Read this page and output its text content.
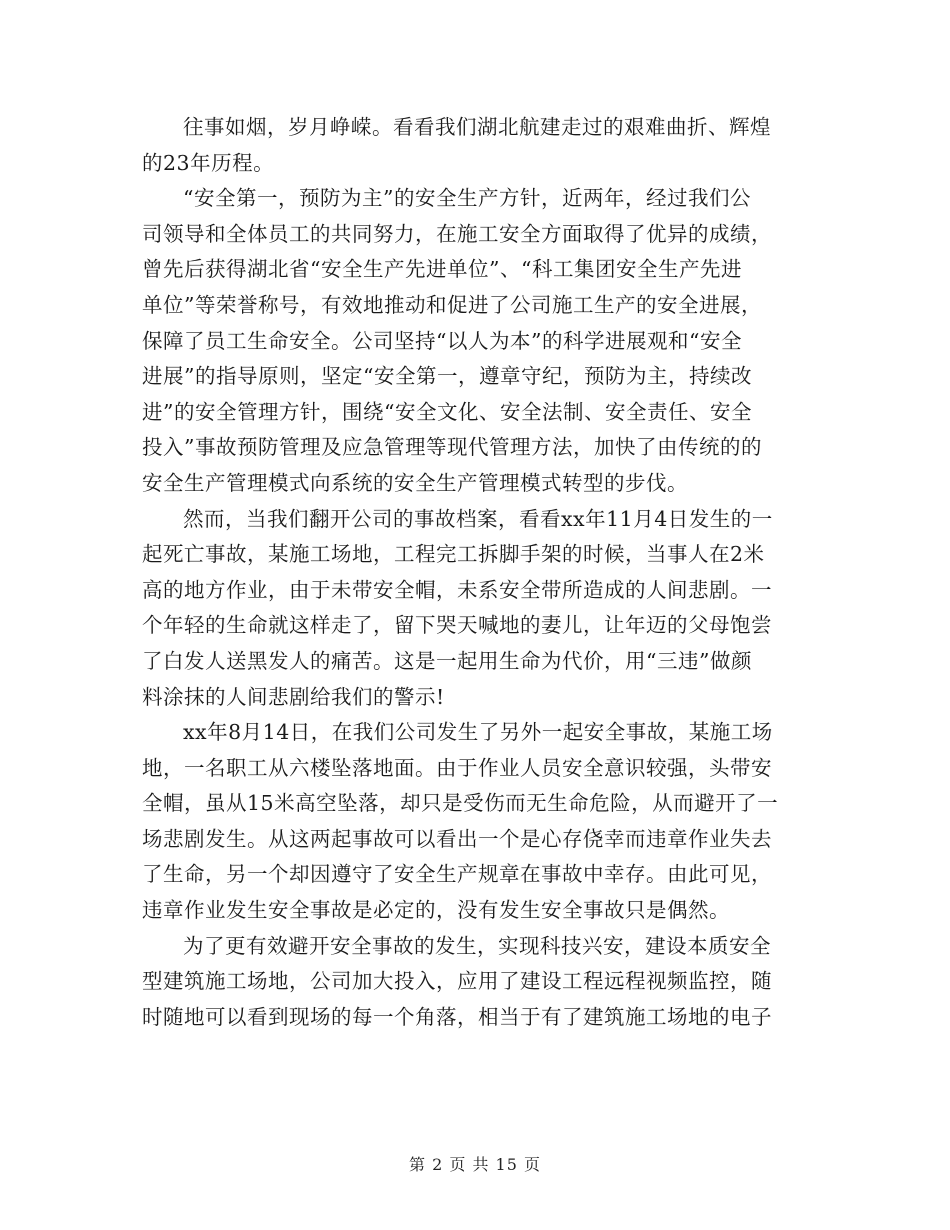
往事如烟，岁月峥嵘。看看我们湖北航建走过的艰难曲折、辉煌
的23年历程。

“安全第一，预防为主”的安全生产方针，近两年，经过我们公
司领导和全体员工的共同努力，在施工安全方面取得了优异的成绩，
曾先后获得湖北省“安全生产先进单位”、“科工集团安全生产先进
单位”等荣誉称号，有效地推动和促进了公司施工生产的安全进展，
保障了员工生命安全。公司坚持“以人为本”的科学进展观和“安全
进展”的指导原则，坚定“安全第一，遵章守纪，预防为主，持续改
进”的安全管理方针，围绕“安全文化、安全法制、安全责任、安全
投入”事故预防管理及应急管理等现代管理方法，加快了由传统的的
安全生产管理模式向系统的安全生产管理模式转型的步伐。

然而，当我们翻开公司的事故档案，看看xx年11月4日发生的一
起死亡事故，某施工场地，工程完工拆脚手架的时候，当事人在2米
高的地方作业，由于未带安全帽，未系安全带所造成的人间悲剧。一
个年轻的生命就这样走了，留下哭天喊地的妻儿，让年迈的父母饱尝
了白发人送黑发人的痛苦。这是一起用生命为代价，用“三违”做颜
料涂抹的人间悲剧给我们的警示!

xx年8月14日，在我们公司发生了另外一起安全事故，某施工场
地，一名职工从六楼坠落地面。由于作业人员安全意识较强，头带安
全帽，虽从15米高空坠落，却只是受伤而无生命危险，从而避开了一
场悲剧发生。从这两起事故可以看出一个是心存侥幸而违章作业失去
了生命，另一个却因遵守了安全生产规章在事故中幸存。由此可见，
违章作业发生安全事故是必定的，没有发生安全事故只是偶然。

为了更有效避开安全事故的发生，实现科技兴安，建设本质安全
型建筑施工场地，公司加大投入，应用了建设工程远程视频监控，随
时随地可以看到现场的每一个角落，相当于有了建筑施工场地的电子

第 2 页 共 15 页
